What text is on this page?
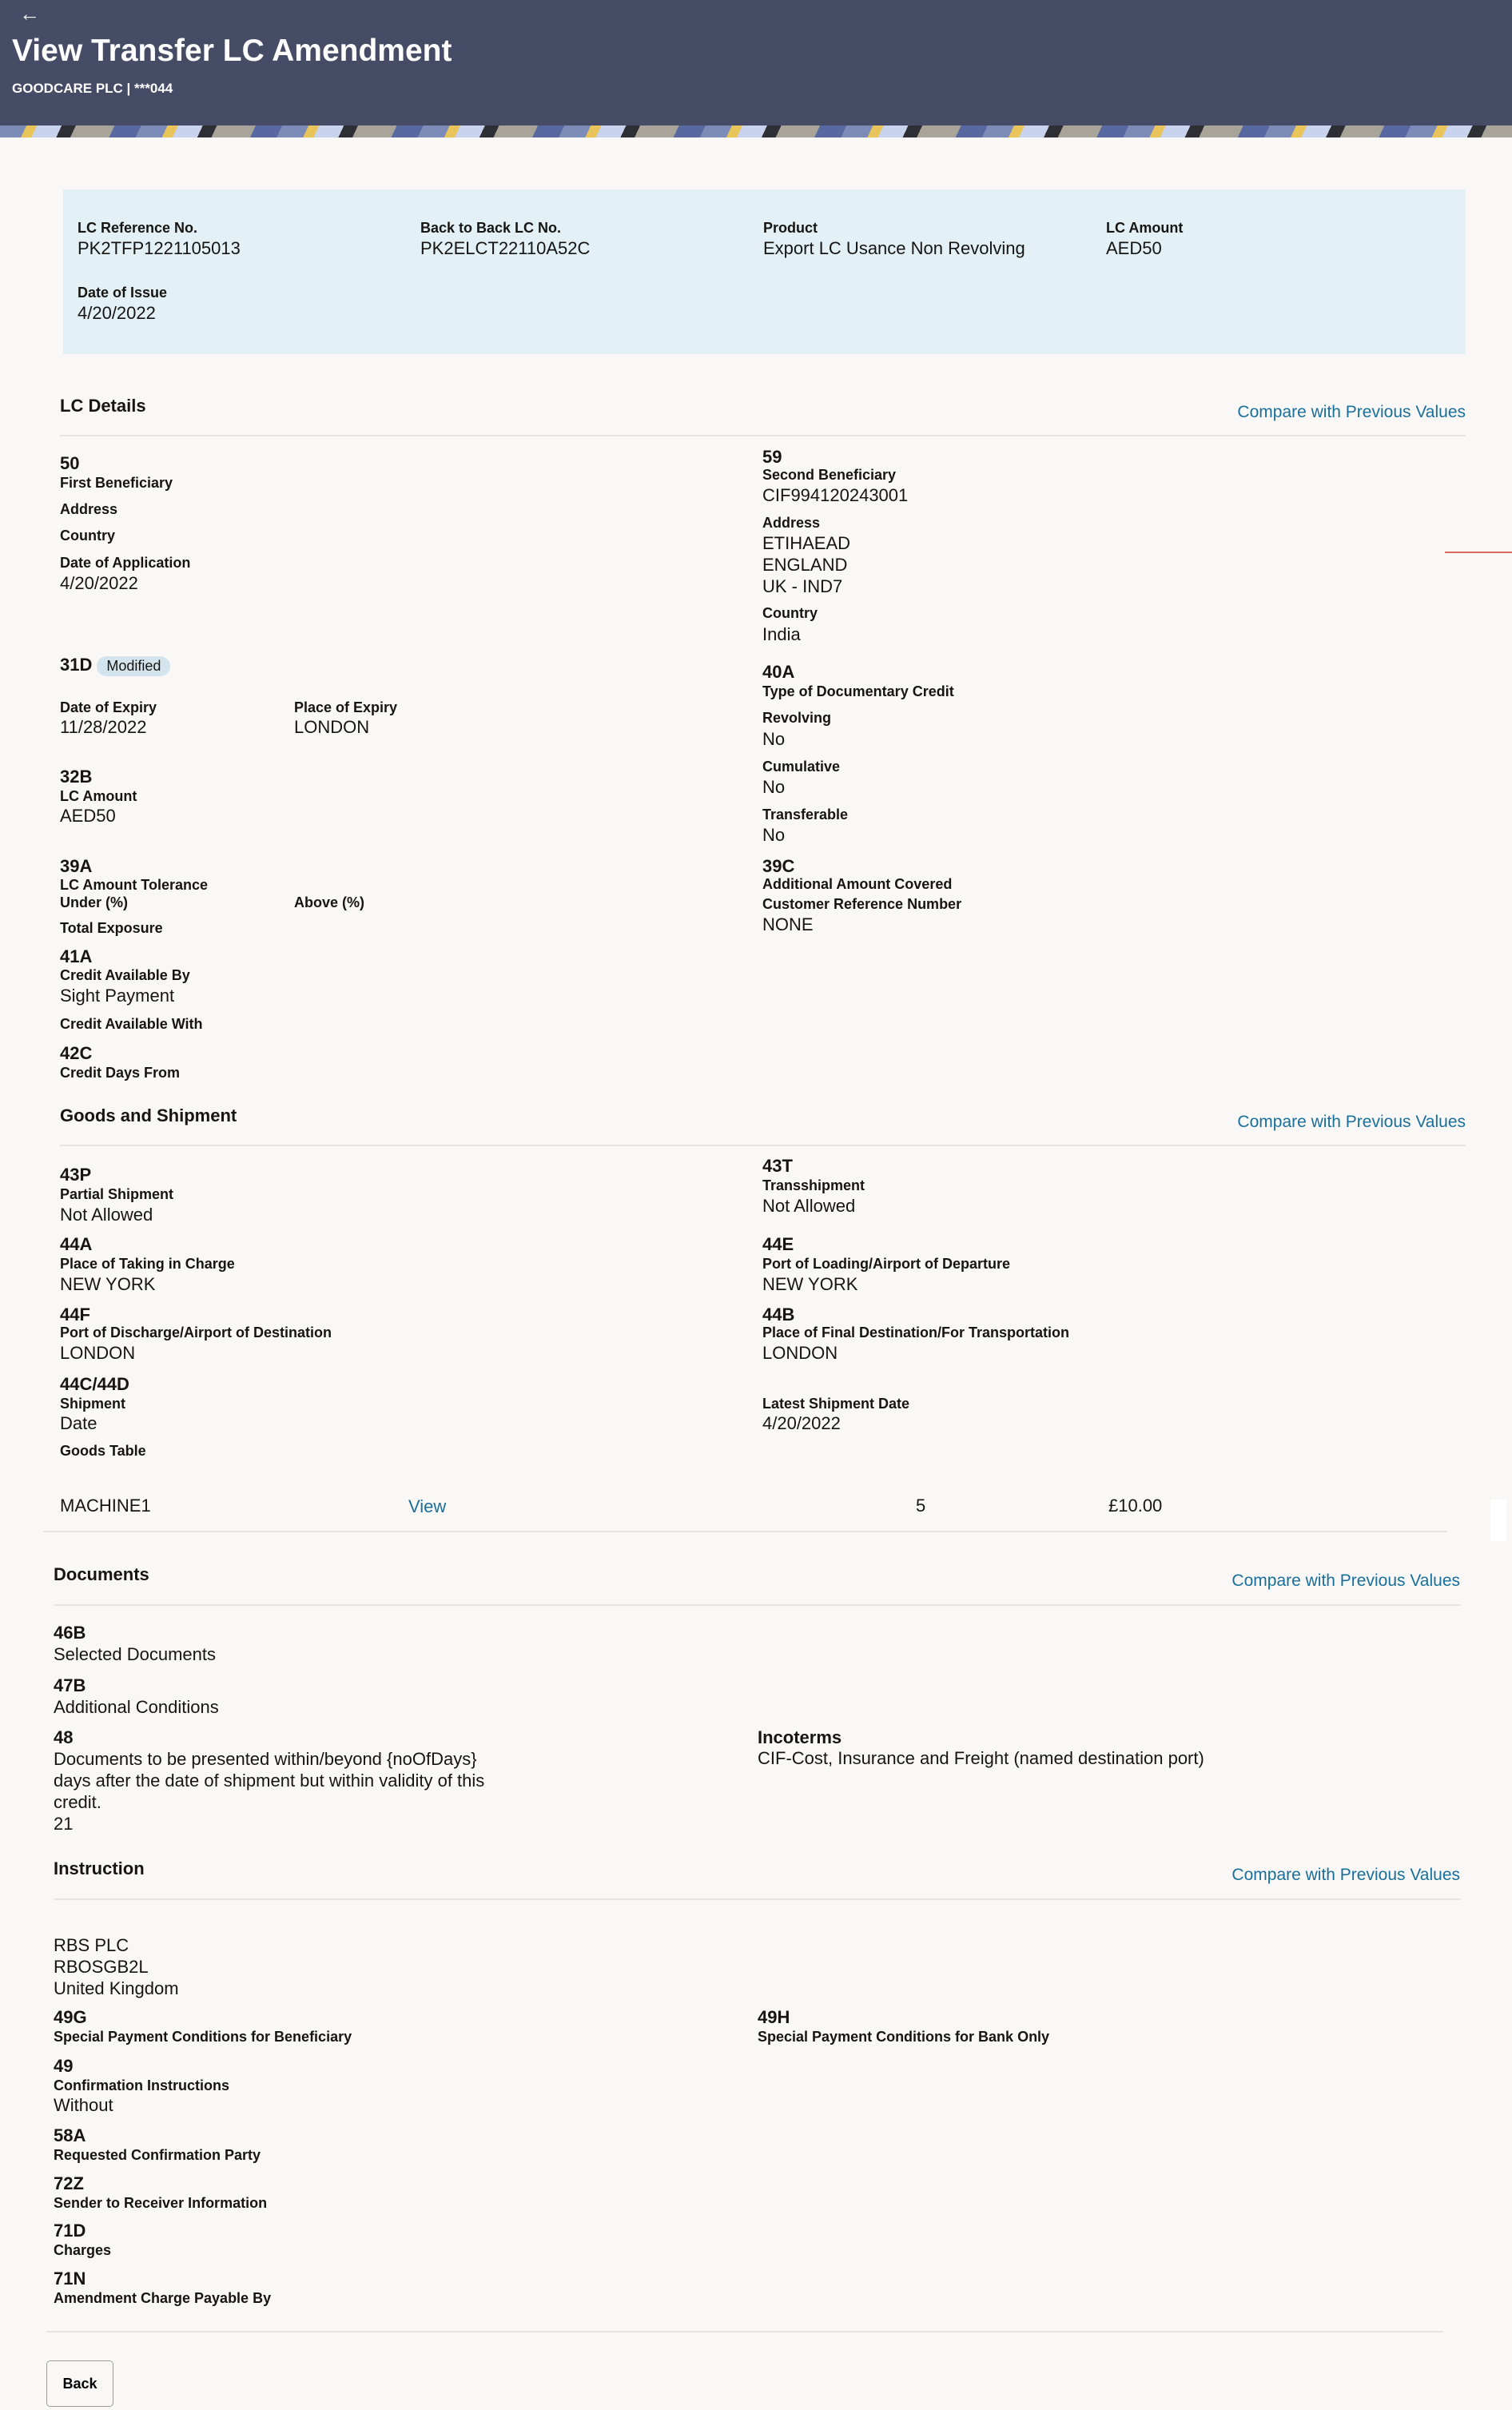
←
View Transfer LC Amendment
GOODCARE PLC | ***044
LC Reference No.
PK2TFP1221105013
Back to Back LC No.
PK2ELCT22110A52C
Product
Export LC Usance Non Revolving
LC Amount
AED50
Date of Issue
4/20/2022
LC Details	Compare with Previous Values
50
First Beneficiary
Address
Country
Date of Application
4/20/2022
59
Second Beneficiary
CIF994120243001
Address
ETIHAEAD
ENGLAND
UK - IND7
Country
India
31D Modified
Date of Expiry
11/28/2022
Place of Expiry
LONDON
32B
LC Amount
AED50
39A
LC Amount Tolerance
Under (%)	Above (%)
Total Exposure
41A
Credit Available By
Sight Payment
Credit Available With
42C
Credit Days From
40A
Type of Documentary Credit
Revolving
No
Cumulative
No
Transferable
No
39C
Additional Amount Covered
Customer Reference Number
NONE
Goods and Shipment	Compare with Previous Values
43P
Partial Shipment
Not Allowed
43T
Transshipment
Not Allowed
44A
Place of Taking in Charge
NEW YORK
44E
Port of Loading/Airport of Departure
NEW YORK
44F
Port of Discharge/Airport of Destination
LONDON
44B
Place of Final Destination/For Transportation
LONDON
44C/44D
Shipment
Date
Latest Shipment Date
4/20/2022
Goods Table
MACHINE1	View	5	£10.00
Documents	Compare with Previous Values
46B
Selected Documents
47B
Additional Conditions
48
Documents to be presented within/beyond {noOfDays} days after the date of shipment but within validity of this credit.
21
Incoterms
CIF-Cost, Insurance and Freight (named destination port)
Instruction	Compare with Previous Values
RBS PLC
RBOSGB2L
United Kingdom
49G
Special Payment Conditions for Beneficiary
49H
Special Payment Conditions for Bank Only
49
Confirmation Instructions
Without
58A
Requested Confirmation Party
72Z
Sender to Receiver Information
71D
Charges
71N
Amendment Charge Payable By
Back
